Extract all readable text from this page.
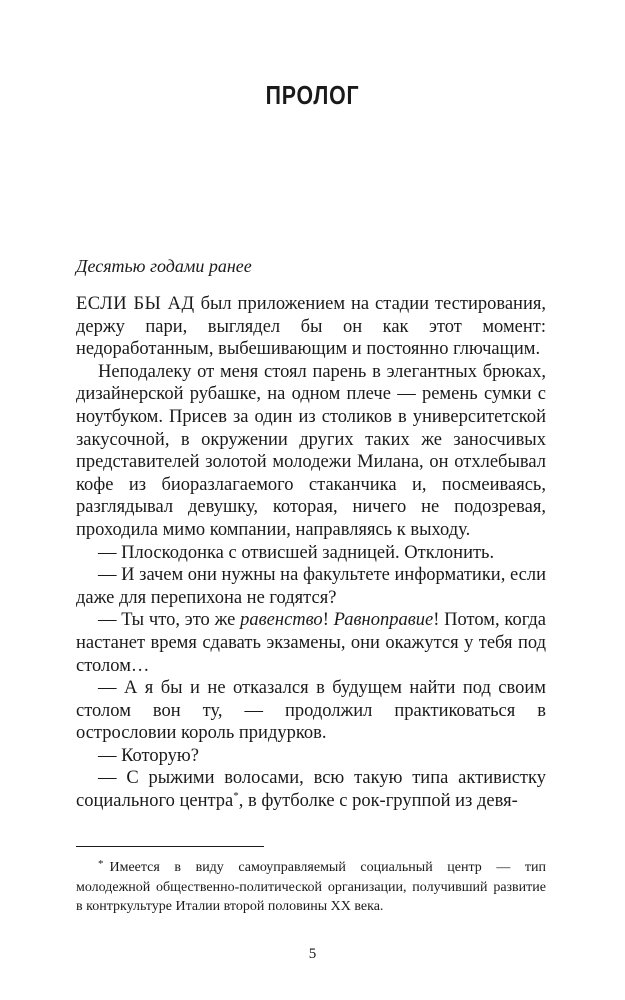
ПРОЛОГ
Десятью годами ранее

ЕСЛИ БЫ АД был приложением на стадии тестирования, держу пари, выглядел бы он как этот момент: недоработанным, выбешивающим и постоянно глючащим.

Неподалеку от меня стоял парень в элегантных брюках, дизайнерской рубашке, на одном плече — ремень сумки с ноутбуком. Присев за один из столиков в университетской закусочной, в окружении других таких же заносчивых представителей золотой молодежи Милана, он отхлебывал кофе из биоразлагаемого стаканчика и, посмеиваясь, разглядывал девушку, которая, ничего не подозревая, проходила мимо компании, направляясь к выходу.

— Плоскодонка с отвисшей задницей. Отклонить.

— И зачем они нужны на факультете информатики, если даже для перепихона не годятся?

— Ты что, это же равенство! Равноправие! Потом, когда настанет время сдавать экзамены, они окажутся у тебя под столом…

— А я бы и не отказался в будущем найти под своим столом вон ту, — продолжил практиковаться в острословии король придурков.

— Которую?

— С рыжими волосами, всю такую типа активистку социального центра*, в футболке с рок-группой из девя-

* Имеется в виду самоуправляемый социальный центр — тип молодежной общественно-политической организации, получивший развитие в контркультуре Италии второй половины XX века.
5
